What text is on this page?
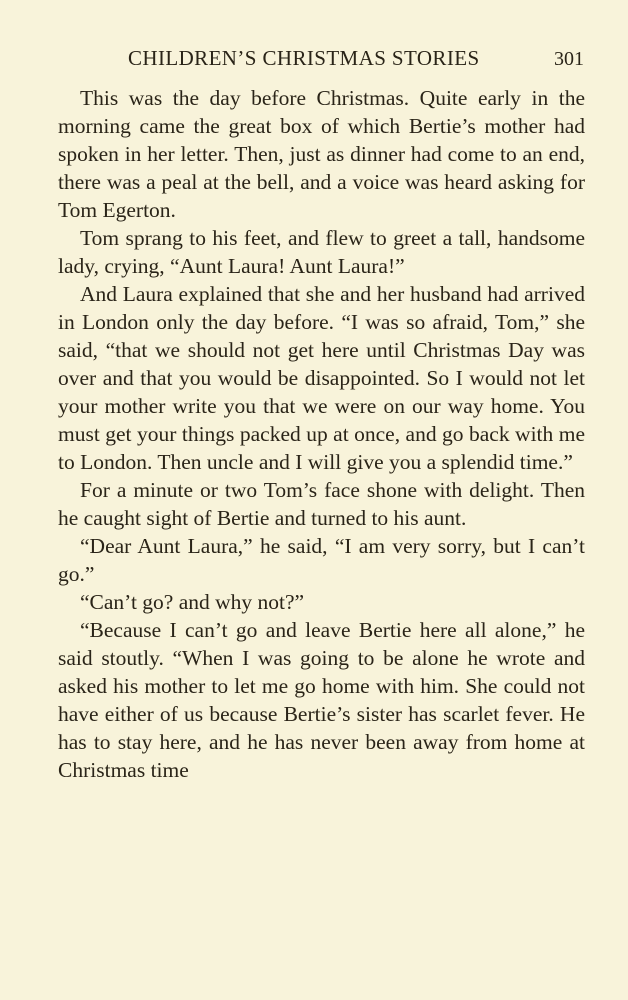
CHILDREN’S CHRISTMAS STORIES	301

This was the day before Christmas. Quite early in the morning came the great box of which Bertie’s mother had spoken in her letter. Then, just as dinner had come to an end, there was a peal at the bell, and a voice was heard asking for Tom Egerton.

Tom sprang to his feet, and flew to greet a tall, handsome lady, crying, “Aunt Laura! Aunt Laura!”

And Laura explained that she and her husband had arrived in London only the day before. “I was so afraid, Tom,” she said, “that we should not get here until Christmas Day was over and that you would be disappointed. So I would not let your mother write you that we were on our way home. You must get your things packed up at once, and go back with me to London. Then uncle and I will give you a splendid time.”

For a minute or two Tom’s face shone with delight. Then he caught sight of Bertie and turned to his aunt.

“Dear Aunt Laura,” he said, “I am very sorry, but I can’t go.”

“Can’t go? and why not?”

“Because I can’t go and leave Bertie here all alone,” he said stoutly. “When I was going to be alone he wrote and asked his mother to let me go home with him. She could not have either of us because Bertie’s sister has scarlet fever. He has to stay here, and he has never been away from home at Christmas time
